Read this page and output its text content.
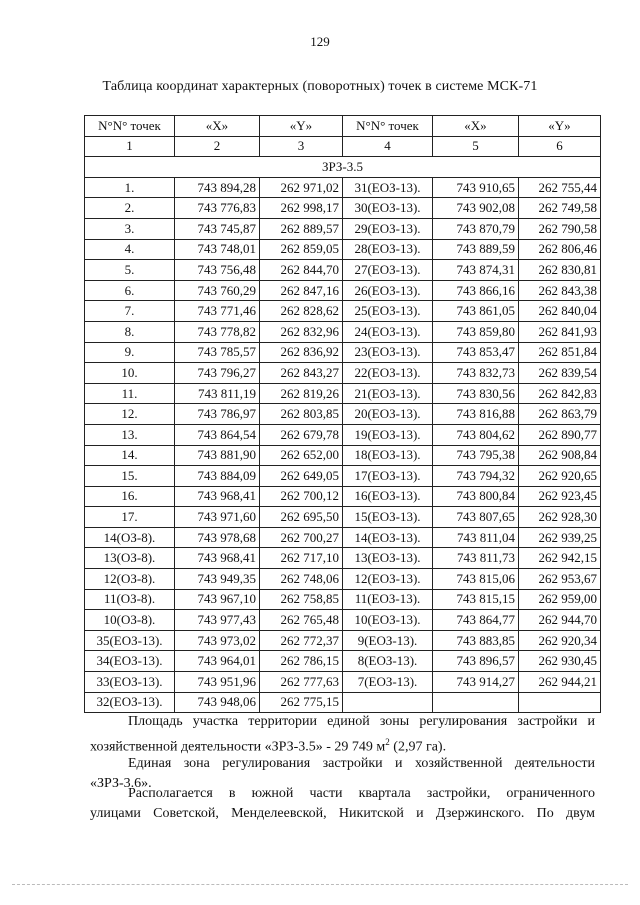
129
Таблица координат характерных (поворотных) точек в системе МСК-71
N°N° точек	«X»	«Y»	N°N° точек	«X»	«Y»
1	2	3	4	5	6
ЗРЗ-3.5					
1.	743 894,28	262 971,02	31(ЕОЗ-13).	743 910,65	262 755,44
2.	743 776,83	262 998,17	30(ЕОЗ-13).	743 902,08	262 749,58
3.	743 745,87	262 889,57	29(ЕОЗ-13).	743 870,79	262 790,58
4.	743 748,01	262 859,05	28(ЕОЗ-13).	743 889,59	262 806,46
5.	743 756,48	262 844,70	27(ЕОЗ-13).	743 874,31	262 830,81
6.	743 760,29	262 847,16	26(ЕОЗ-13).	743 866,16	262 843,38
7.	743 771,46	262 828,62	25(ЕОЗ-13).	743 861,05	262 840,04
8.	743 778,82	262 832,96	24(ЕОЗ-13).	743 859,80	262 841,93
9.	743 785,57	262 836,92	23(ЕОЗ-13).	743 853,47	262 851,84
10.	743 796,27	262 843,27	22(ЕОЗ-13).	743 832,73	262 839,54
11.	743 811,19	262 819,26	21(ЕОЗ-13).	743 830,56	262 842,83
12.	743 786,97	262 803,85	20(ЕОЗ-13).	743 816,88	262 863,79
13.	743 864,54	262 679,78	19(ЕОЗ-13).	743 804,62	262 890,77
14.	743 881,90	262 652,00	18(ЕОЗ-13).	743 795,38	262 908,84
15.	743 884,09	262 649,05	17(ЕОЗ-13).	743 794,32	262 920,65
16.	743 968,41	262 700,12	16(ЕОЗ-13).	743 800,84	262 923,45
17.	743 971,60	262 695,50	15(ЕОЗ-13).	743 807,65	262 928,30
14(ОЗ-8).	743 978,68	262 700,27	14(ЕОЗ-13).	743 811,04	262 939,25
13(ОЗ-8).	743 968,41	262 717,10	13(ЕОЗ-13).	743 811,73	262 942,15
12(ОЗ-8).	743 949,35	262 748,06	12(ЕОЗ-13).	743 815,06	262 953,67
11(ОЗ-8).	743 967,10	262 758,85	11(ЕОЗ-13).	743 815,15	262 959,00
10(ОЗ-8).	743 977,43	262 765,48	10(ЕОЗ-13).	743 864,77	262 944,70
35(ЕОЗ-13).	743 973,02	262 772,37	9(ЕОЗ-13).	743 883,85	262 920,34
34(ЕОЗ-13).	743 964,01	262 786,15	8(ЕОЗ-13).	743 896,57	262 930,45
33(ЕОЗ-13).	743 951,96	262 777,63	7(ЕОЗ-13).	743 914,27	262 944,21
32(ЕОЗ-13).	743 948,06	262 775,15			

Площадь участка территории единой зоны регулирования застройки и хозяйственной деятельности «ЗРЗ-3.5» - 29 749 $м^2$ (2,97 га).

Единая зона регулирования застройки и хозяйственной деятельности «ЗРЗ-3.6».

Располагается в южной части квартала застройки, ограниченного

улицами Советской, Менделеевской, Никитской и Дзержинского. По двум
